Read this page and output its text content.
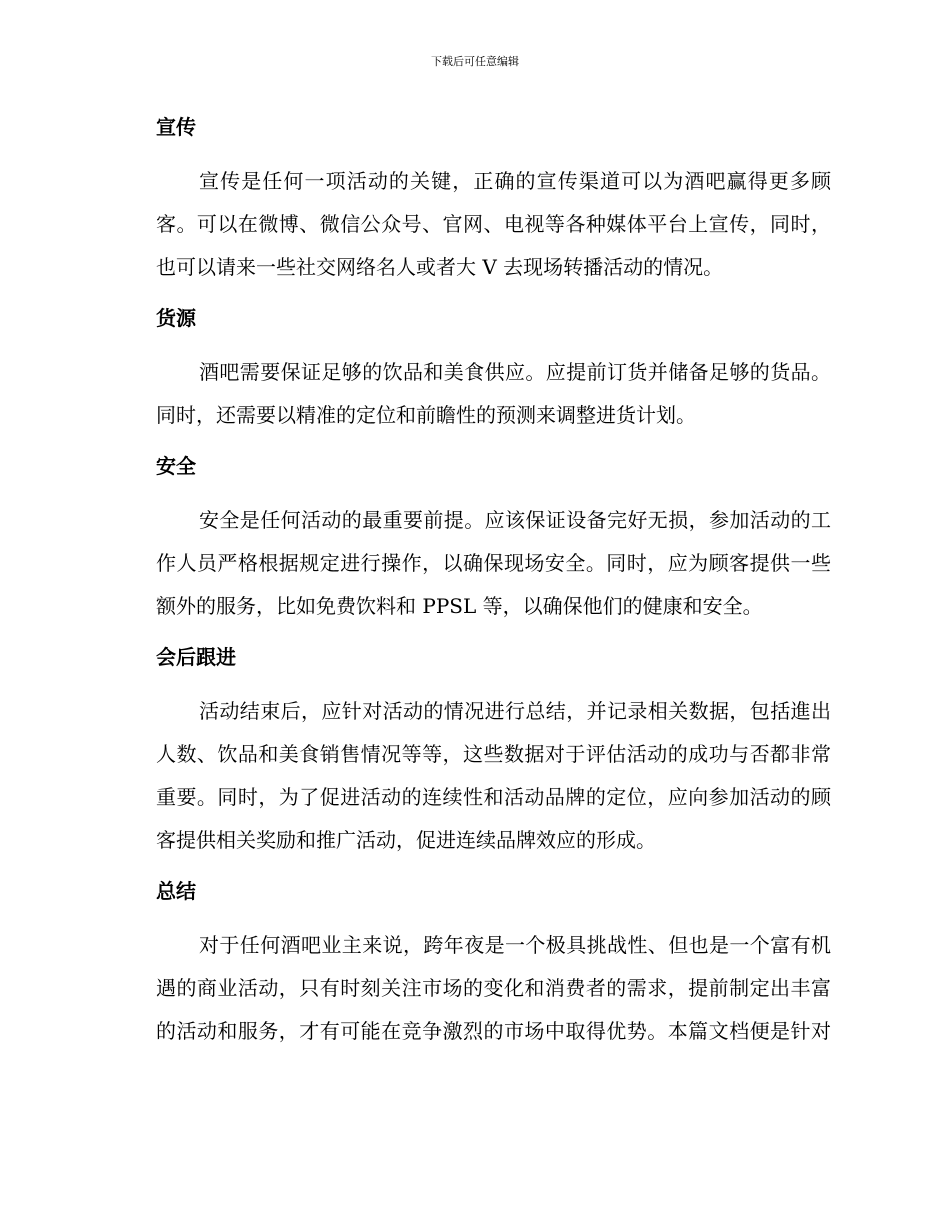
下载后可任意编辑
宣传
宣传是任何一项活动的关键，正确的宣传渠道可以为酒吧赢得更多顾
客。可以在微博、微信公众号、官网、电视等各种媒体平台上宣传，同时，
也可以请来一些社交网络名人或者大 V 去现场转播活动的情况。
货源
酒吧需要保证足够的饮品和美食供应。应提前订货并储备足够的货品。
同时，还需要以精准的定位和前瞻性的预测来调整进货计划。
安全
安全是任何活动的最重要前提。应该保证设备完好无损，参加活动的工
作人员严格根据规定进行操作，以确保现场安全。同时，应为顾客提供一些
额外的服务，比如免费饮料和 PPSL 等，以确保他们的健康和安全。
会后跟进
活动结束后，应针对活动的情况进行总结，并记录相关数据，包括進出
人数、饮品和美食销售情况等等，这些数据对于评估活动的成功与否都非常
重要。同时，为了促进活动的连续性和活动品牌的定位，应向参加活动的顾
客提供相关奖励和推广活动，促进连续品牌效应的形成。
总结
对于任何酒吧业主来说，跨年夜是一个极具挑战性、但也是一个富有机
遇的商业活动，只有时刻关注市场的变化和消费者的需求，提前制定出丰富
的活动和服务，才有可能在竞争激烈的市场中取得优势。本篇文档便是针对
